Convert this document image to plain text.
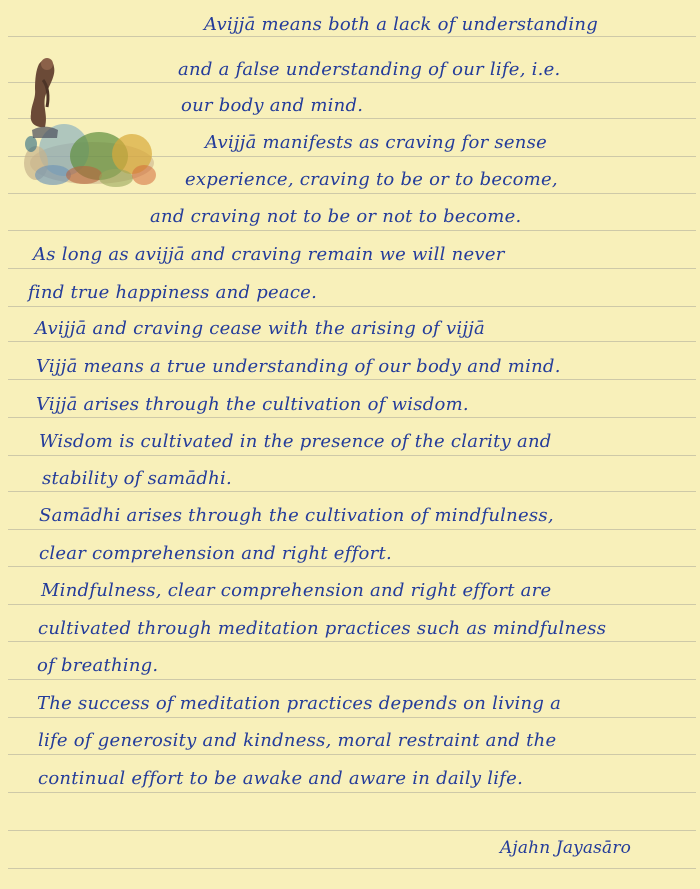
Avijjā means both a lack of understanding
and a false understanding of our life, i.e.
our body and mind.
Avijjā manifests as craving for sense
experience, craving to be or to become,
and craving not to be or not to become.
As long as avijjā and craving remain we will never
find true happiness and peace.
Avijjā and craving cease with the arising of vijjā
Vijjā means a true understanding of our body and mind.
Vijjā arises through the cultivation of wisdom.
Wisdom is cultivated in the presence of the clarity and
stability of samādhi.
Samādhi arises through the cultivation of mindfulness,
clear comprehension and right effort.
Mindfulness, clear comprehension and right effort are
cultivated through meditation practices such as mindfulness
of breathing.
The success of meditation practices depends on living a
life of generosity and kindness, moral restraint and the
continual effort to be awake and aware in daily life.
Ajahn Jayasāro
